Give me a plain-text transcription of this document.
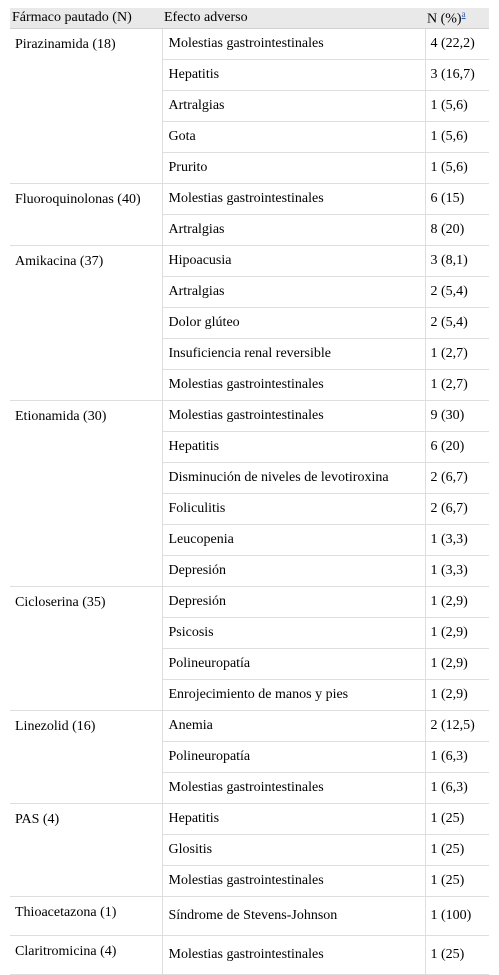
Fármaco pautado (N)	Efecto adverso	N (%)$^a$
Pirazinamida (18)	Molestias gastrointestinales	4 (22,2)
	Hepatitis	3 (16,7)
	Artralgias	1 (5,6)
	Gota	1 (5,6)
	Prurito	1 (5,6)
Fluoroquinolonas (40)	Molestias gastrointestinales	6 (15)
	Artralgias	8 (20)
Amikacina (37)	Hipoacusia	3 (8,1)
	Artralgias	2 (5,4)
	Dolor glúteo	2 (5,4)
	Insuficiencia renal reversible	1 (2,7)
	Molestias gastrointestinales	1 (2,7)
Etionamida (30)	Molestias gastrointestinales	9 (30)
	Hepatitis	6 (20)
	Disminución de niveles de levotiroxina	2 (6,7)
	Foliculitis	2 (6,7)
	Leucopenia	1 (3,3)
	Depresión	1 (3,3)
Cicloserina (35)	Depresión	1 (2,9)
	Psicosis	1 (2,9)
	Polineuropatía	1 (2,9)
	Enrojecimiento de manos y pies	1 (2,9)
Linezolid (16)	Anemia	2 (12,5)
	Polineuropatía	1 (6,3)
	Molestias gastrointestinales	1 (6,3)
PAS (4)	Hepatitis	1 (25)
	Glositis	1 (25)
	Molestias gastrointestinales	1 (25)
Thioacetazona (1)	Síndrome de Stevens-Johnson	1 (100)
Claritromicina (4)	Molestias gastrointestinales	1 (25)
